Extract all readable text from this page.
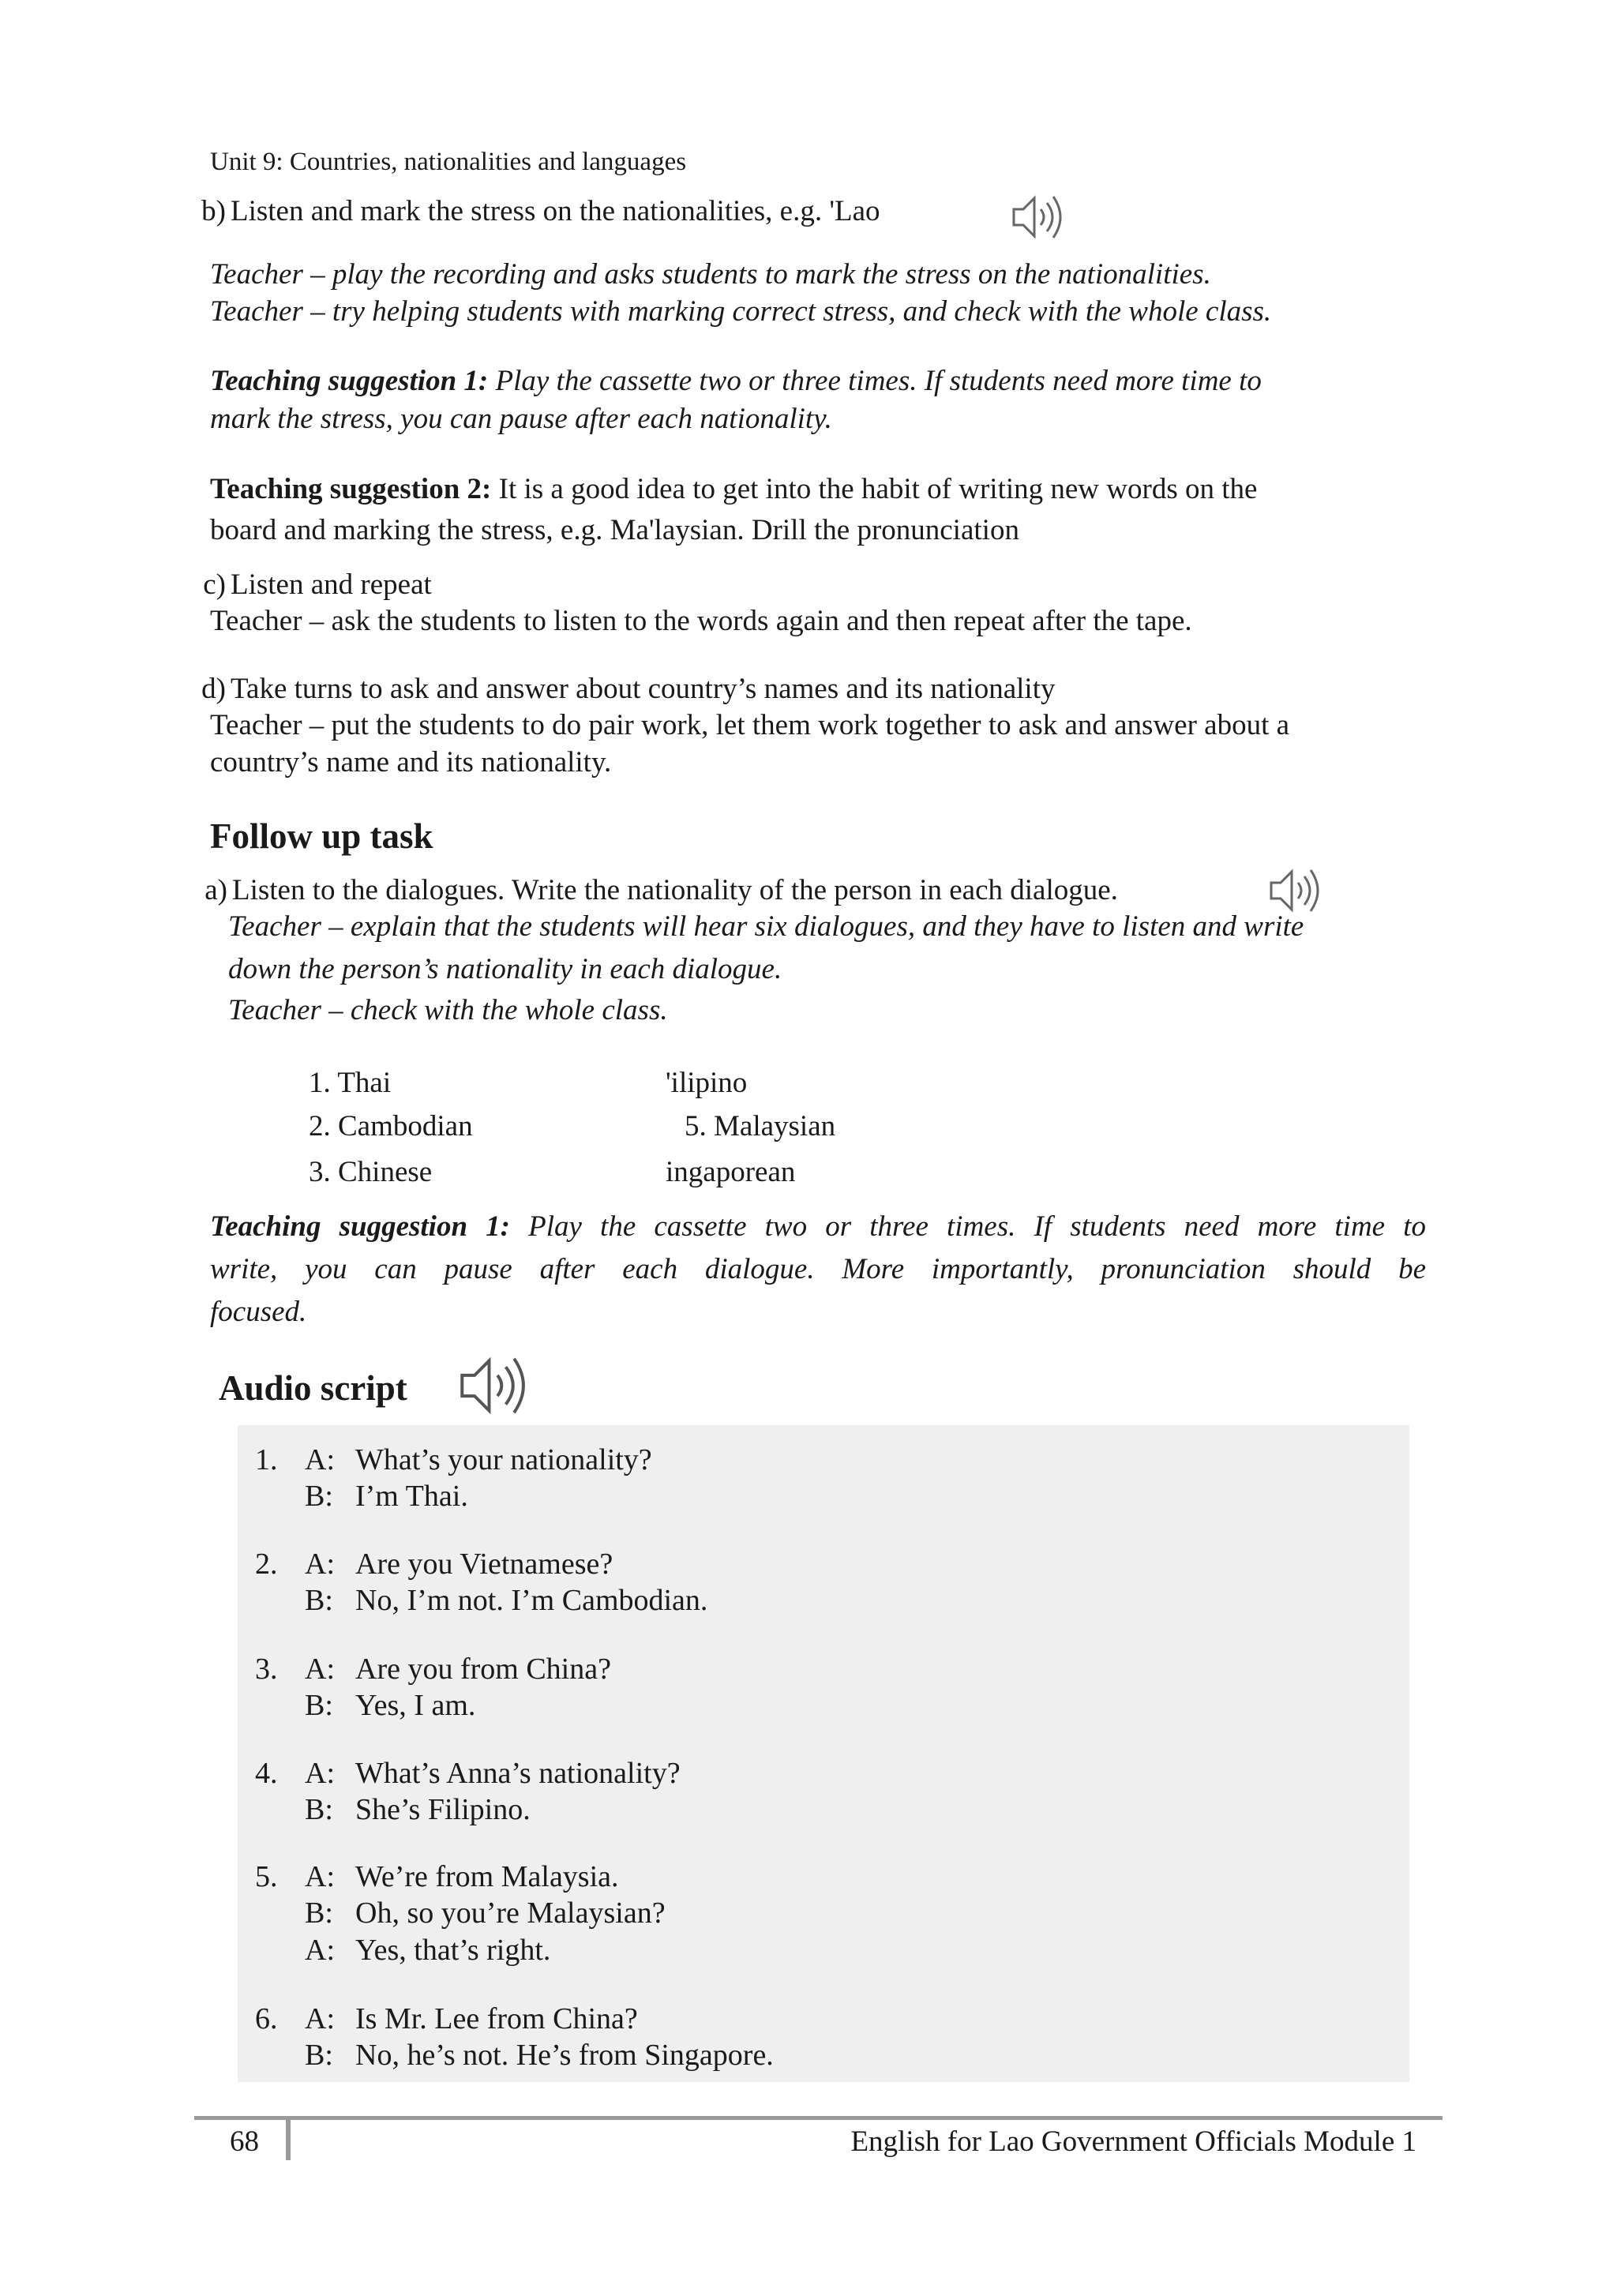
Unit 9: Countries, nationalities and languages
b) Listen and mark the stress on the nationalities, e.g. 'Lao
Teacher – play the recording and asks students to mark the stress on the nationalities.
Teacher – try helping students with marking correct stress, and check with the whole class.
Teaching suggestion 1: Play the cassette two or three times. If students need more time to
mark the stress, you can pause after each nationality.
Teaching suggestion 2: It is a good idea to get into the habit of writing new words on the
board and marking the stress, e.g. Ma'laysian. Drill the pronunciation
c) Listen and repeat
Teacher – ask the students to listen to the words again and then repeat after the tape.
d) Take turns to ask and answer about country’s names and its nationality
Teacher – put the students to do pair work, let them work together to ask and answer about a
country’s name and its nationality.
Follow up task
a) Listen to the dialogues. Write the nationality of the person in each dialogue.
Teacher – explain that the students will hear six dialogues, and they have to listen and write
down the person’s nationality in each dialogue.
Teacher – check with the whole class.
1. Thai
2. Cambodian
3. Chinese
'ilipino
5. Malaysian
ingaporean
Teaching suggestion 1: Play the cassette two or three times. If students need more time to
write, you can pause after each dialogue. More importantly, pronunciation should be
focused.
Audio script
1. A: What’s your nationality?
B: I’m Thai.
2. A: Are you Vietnamese?
B: No, I’m not. I’m Cambodian.
3. A: Are you from China?
B: Yes, I am.
4. A: What’s Anna’s nationality?
B: She’s Filipino.
5. A: We’re from Malaysia.
B: Oh, so you’re Malaysian?
A: Yes, that’s right.
6. A: Is Mr. Lee from China?
B: No, he’s not. He’s from Singapore.
68	English for Lao Government Officials Module 1
